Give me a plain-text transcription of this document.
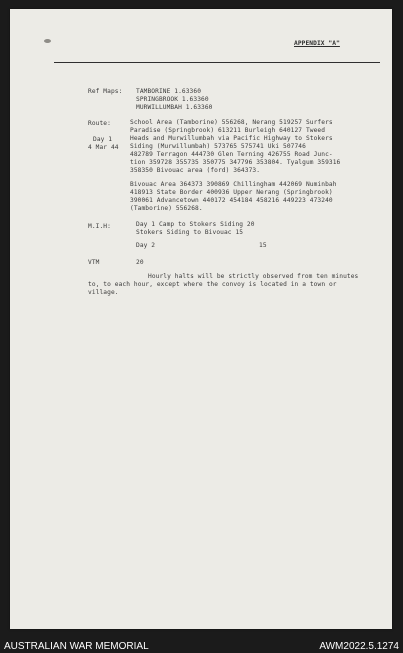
APPENDIX "A"
Ref Maps: TAMBORINE 1.63360
SPRINGBROOK 1.63360
MURWILLUMBAH 1.63360
Route:
Day 1
4 Mar 44
School Area (Tamborine) 556268, Nerang 519257 Surfers
Paradise (Springbrook) 613211 Burleigh 640127 Tweed
Heads and Murwillumbah via Pacific Highway to Stokers
Siding (Murwillumbah) 573765 575741 Uki 507746
482789 Terragon 444730 Glen Terning 426755 Road Junc-
tion 359728 355735 350775 347796 353804. Tyalgum 359316
358350 Bivouac area (ford) 364373.
Bivouac Area 364373 390869 Chillingham 442069 Numinbah
418913 State Border 400936 Upper Nerang (Springbrook)
390061 Advancetown 440172 454184 458216 449223 473240
(Tamborine) 556268.
M.I.H:	Day 1 Camp to Stokers Siding 20
Stokers Siding to Bivouac 15
Day 2	15
VTM	20
Hourly halts will be strictly observed from ten minutes
to, to each hour, except where the convoy is located in a town or
village.
AUSTRALIAN WAR MEMORIAL	AWM2022.5.1274
